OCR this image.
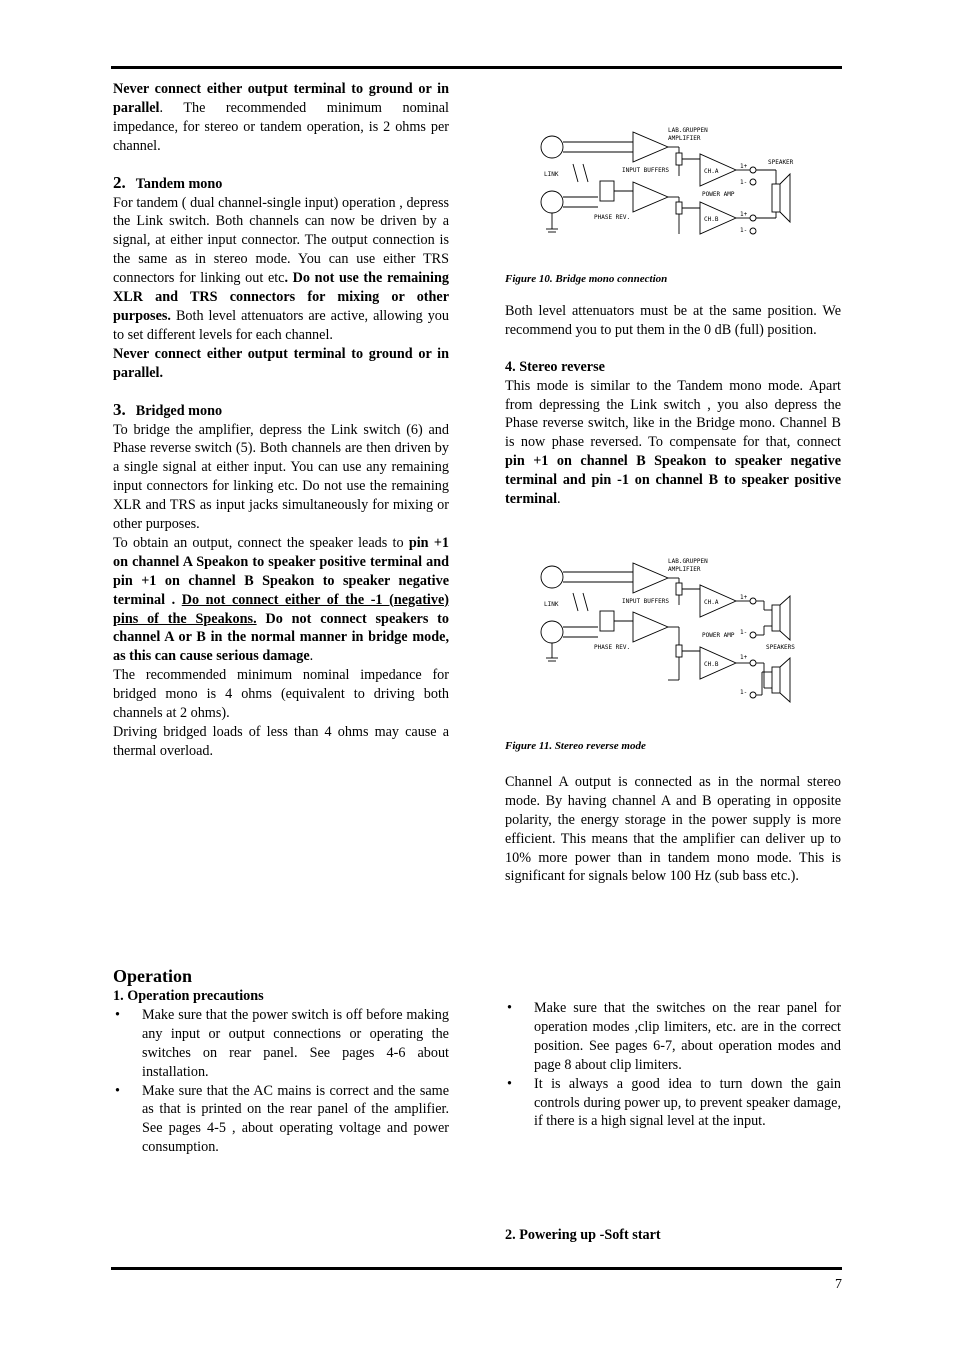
Never connect either output terminal to ground or in parallel. The recommended minimum nominal impedance, for stereo or tandem operation, is 2 ohms per channel.

2. Tandem mono

For tandem ( dual channel-single input) operation , depress the Link switch. Both channels can now be driven by a signal, at either input connector. The output connection is the same as in stereo mode. You can use either TRS connectors for linking out etc. Do not use the remaining XLR and TRS connectors for mixing or other purposes. Both level attenuators are active, allowing you to set different levels for each channel.

Never connect either output terminal to ground or in parallel.

3. Bridged mono

To bridge the amplifier, depress the Link switch (6) and Phase reverse switch (5). Both channels are then driven by a single signal at either input. You can use any remaining input connectors for linking etc. Do not use the remaining XLR and TRS as input jacks simultaneously for mixing or other purposes.

To obtain an output, connect the speaker leads to pin +1 on channel A Speakon to speaker positive terminal and pin +1 on channel B Speakon to speaker negative terminal . Do not connect either of the -1 (negative) pins of the Speakons. Do not connect speakers to channel A or B in the normal manner in bridge mode, as this can cause serious damage.

The recommended minimum nominal impedance for bridged mono is 4 ohms (equivalent to driving both channels at 2 ohms).

Driving bridged loads of less than 4 ohms may cause a thermal overload.

LAB.GRUPPEN
AMPLIFIER
LINK
INPUT BUFFERS
PHASE REV.
CH.A
CH.B
POWER AMP
1+
1-
1+
1-
SPEAKER

Figure 10. Bridge mono connection

Both level attenuators must be at the same position. We recommend you to put them in the 0 dB (full) position.

4. Stereo reverse

This mode is similar to the Tandem mono mode. Apart from depressing the Link switch , you also depress the Phase reverse switch, like in the Bridge mono. Channel B is now phase reversed. To compensate for that, connect pin +1 on channel B Speakon to speaker negative terminal and pin -1 on channel B to speaker positive terminal.

LAB.GRUPPEN
AMPLIFIER
LINK	INPUT BUFFERS
PHASE REV.
CH.A
CH.B
POWER AMP
1+
1-
1+
1-
SPEAKERS

Figure 11. Stereo reverse mode

Channel A output is connected as in the normal stereo mode. By having channel A and B operating in opposite polarity, the energy storage in the power supply is more efficient. This means that the amplifier can deliver up to 10% more power than in tandem mono mode. This is significant for signals below 100 Hz (sub bass etc.).

Operation

1. Operation precautions

• Make sure that the power switch is off before making any input or output connections or operating the switches on rear panel. See pages 4-6 about installation.

• Make sure that the AC mains is correct and the same as that is printed on the rear panel of the amplifier. See pages 4-5 , about operating voltage and power consumption.

• Make sure that the switches on the rear panel for operation modes ,clip limiters, etc. are in the correct position. See pages 6-7, about operation modes and page 8 about clip limiters.

• It is always a good idea to turn down the gain controls during power up, to prevent speaker damage, if there is a high signal level at the input.

2. Powering up -Soft start

7
